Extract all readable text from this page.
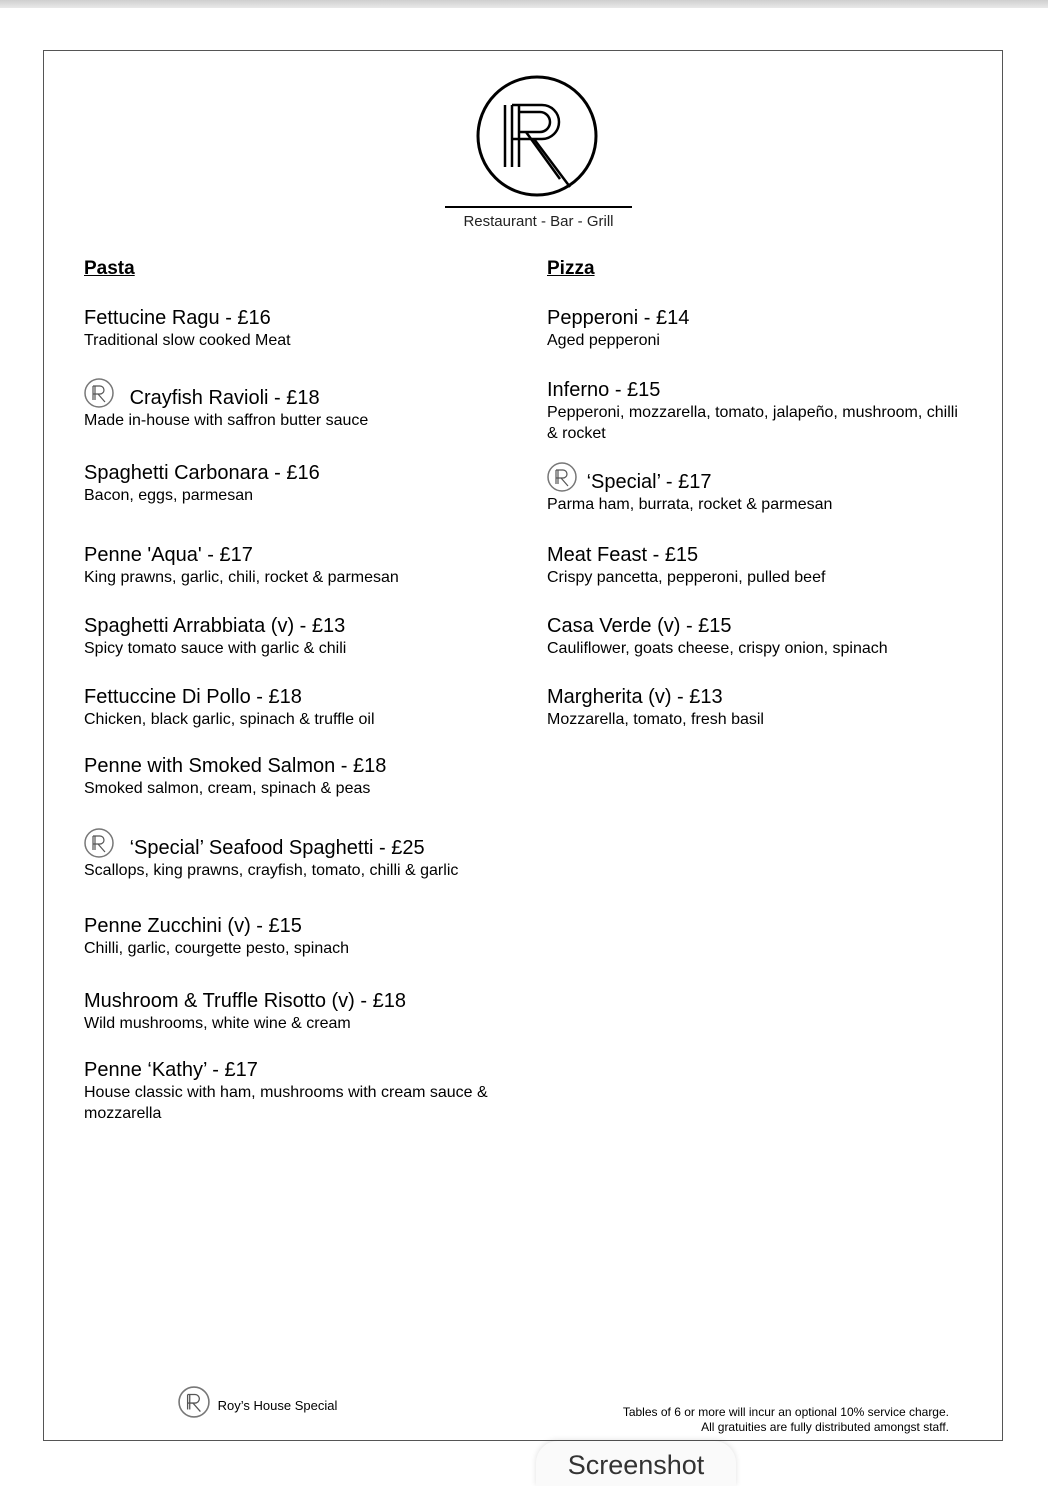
Restaurant - Bar - Grill
Pasta	Pizza
Fettucine Ragu - £16
Traditional slow cooked Meat
Crayfish Ravioli - £18
Made in-house with saffron butter sauce
Spaghetti Carbonara - £16
Bacon, eggs, parmesan
Penne 'Aqua' - £17
King prawns, garlic, chili, rocket & parmesan
Spaghetti Arrabbiata (v) - £13
Spicy tomato sauce with garlic & chili
Fettuccine Di Pollo - £18
Chicken, black garlic, spinach & truffle oil
Penne with Smoked Salmon - £18
Smoked salmon, cream, spinach & peas
‘Special’ Seafood Spaghetti - £25
Scallops, king prawns, crayfish, tomato, chilli & garlic
Penne Zucchini (v) - £15
Chilli, garlic, courgette pesto, spinach
Mushroom & Truffle Risotto (v) - £18
Wild mushrooms, white wine & cream
Penne ‘Kathy’ - £17
House classic with ham, mushrooms with cream sauce & mozzarella
Pepperoni - £14
Aged pepperoni
Inferno - £15
Pepperoni, mozzarella, tomato, jalapeño, mushroom, chilli & rocket
‘Special’ - £17
Parma ham, burrata, rocket & parmesan
Meat Feast - £15
Crispy pancetta, pepperoni, pulled beef
Casa Verde (v) - £15
Cauliflower, goats cheese, crispy onion, spinach
Margherita (v) - £13
Mozzarella, tomato, fresh basil
Roy’s House Special	Tables of 6 or more will incur an optional 10% service charge.
All gratuities are fully distributed amongst staff.
Screenshot
